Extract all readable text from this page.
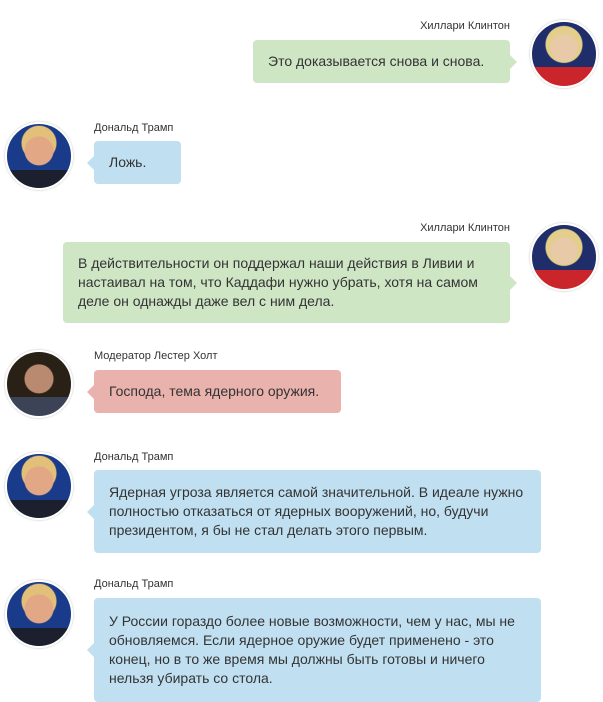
Хиллари Клинтон
Это доказывается снова и снова.
Дональд Трамп
Ложь.
Хиллари Клинтон
В действительности он поддержал наши действия в Ливии и настаивал на том, что Каддафи нужно убрать, хотя на самом деле он однажды даже вел с ним дела.
Модератор Лестер Холт
Господа, тема ядерного оружия.
Дональд Трамп
Ядерная угроза является самой значительной. В идеале нужно полностью отказаться от ядерных вооружений, но, будучи президентом, я бы не стал делать этого первым.
Дональд Трамп
У России гораздо более новые возможности, чем у нас, мы не обновляемся. Если ядерное оружие будет применено - это конец, но в то же время мы должны быть готовы и ничего нельзя убирать со стола.
